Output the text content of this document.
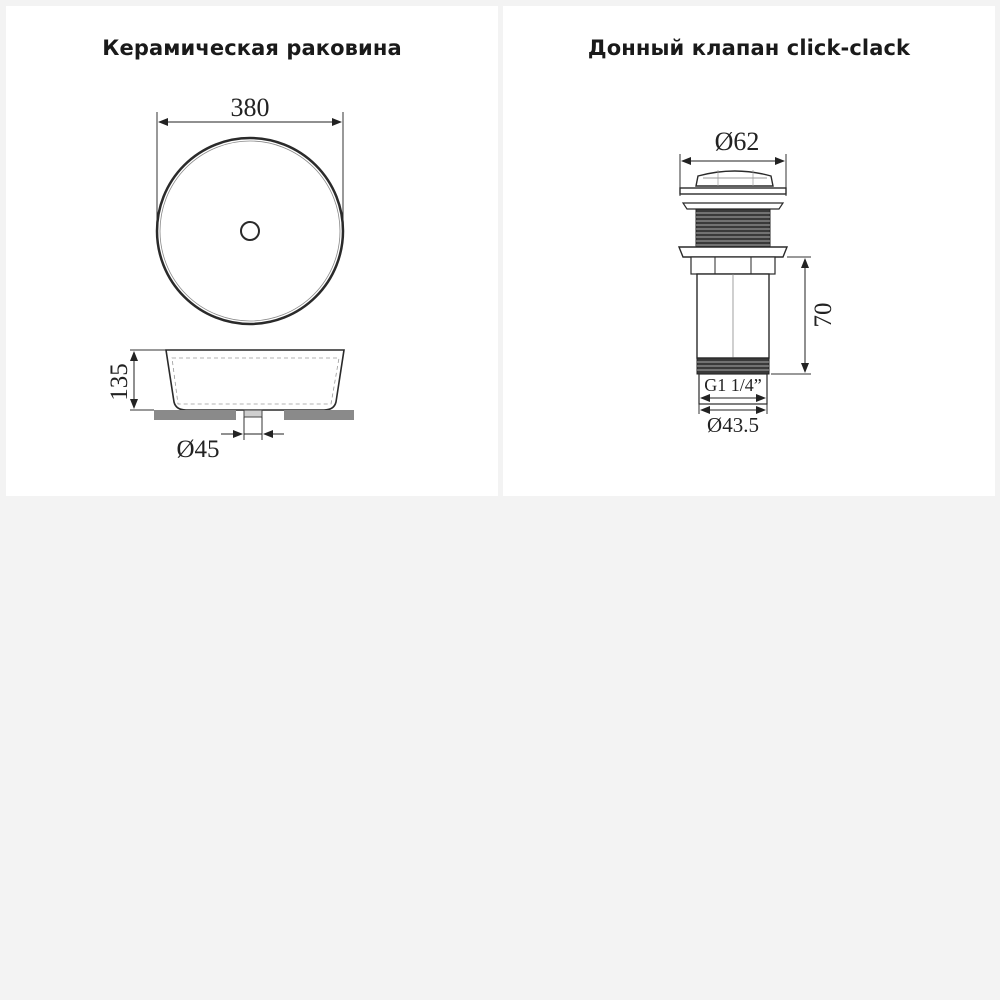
Керамическая раковина
380
135
Ø45
Донный клапан click-clack
Ø62
70
G1 1/4”
Ø43.5
